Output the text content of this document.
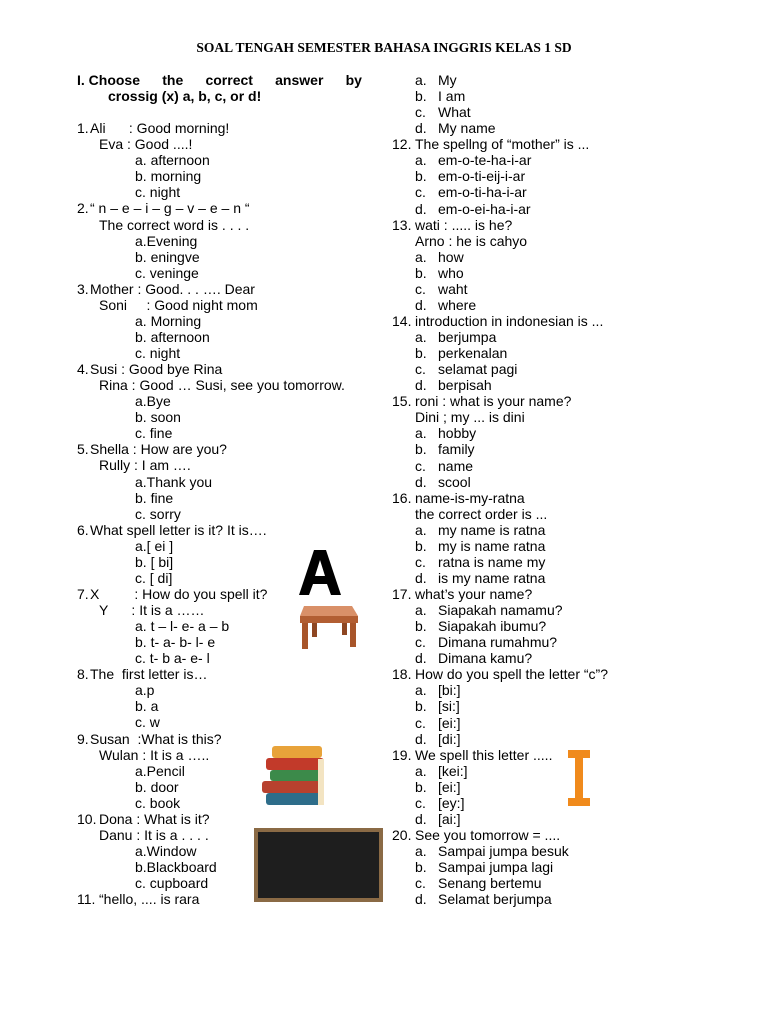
SOAL TENGAH SEMESTER BAHASA INGGRIS KELAS 1 SD
I. Choose the correct answer by
crossig (x) a, b, c, or d!
1.Ali      : Good morning!
Eva : Good ....!
a. afternoon
b. morning
c. night
2.“ n – e – i – g – v – e – n “
The correct word is . . . .
a.Evening
b. eningve
c. veninge
3.Mother : Good. . . …. Dear
Soni     : Good night mom
a. Morning
b. afternoon
c. night
4.Susi : Good bye Rina
Rina : Good … Susi, see you tomorrow.
a.Bye
b. soon
c. fine
5.Shella : How are you?
Rully : I am ….
a.Thank you
b. fine
c. sorry
6.What spell letter is it? It is….
a.[ ei ]
b. [ bi]
c. [ di]
7.X         : How do you spell it?
Y      : It is a ……
a. t – l- e- a – b
b. t- a- b- l- e
c. t- b a- e- l
8.The  first letter is…
a.p
b. a
c. w
9.Susan  :What is this?
Wulan : It is a …..
a.Pencil
b. door
c. book
10. Dona : What is it?
Danu : It is a . . . .
a.Window
b.Blackboard
c. cupboard
11. “hello, .... is rara
a. My
b. I am
c. What
d. My name
12. The spellng of “mother” is ...
a. em-o-te-ha-i-ar
b. em-o-ti-eij-i-ar
c. em-o-ti-ha-i-ar
d. em-o-ei-ha-i-ar
13. wati : ..... is he?
Arno : he is cahyo
a. how
b. who
c. waht
d. where
14. introduction in indonesian is ...
a. berjumpa
b. perkenalan
c. selamat pagi
d. berpisah
15. roni : what is your name?
Dini ; my ... is dini
a. hobby
b. family
c. name
d. scool
16. name-is-my-ratna
the correct order is ...
a. my name is ratna
b. my is name ratna
c. ratna is name my
d. is my name ratna
17. what’s your name?
a. Siapakah namamu?
b. Siapakah ibumu?
c. Dimana rumahmu?
d. Dimana kamu?
18. How do you spell the letter “c”?
a. [bi:]
b. [si:]
c. [ei:]
d. [di:]
19. We spell this letter .....
a. [kei:]
b. [ei:]
c. [ey:]
d. [ai:]
20. See you tomorrow = ....
a. Sampai jumpa besuk
b. Sampai jumpa lagi
c. Senang bertemu
d. Selamat berjumpa
